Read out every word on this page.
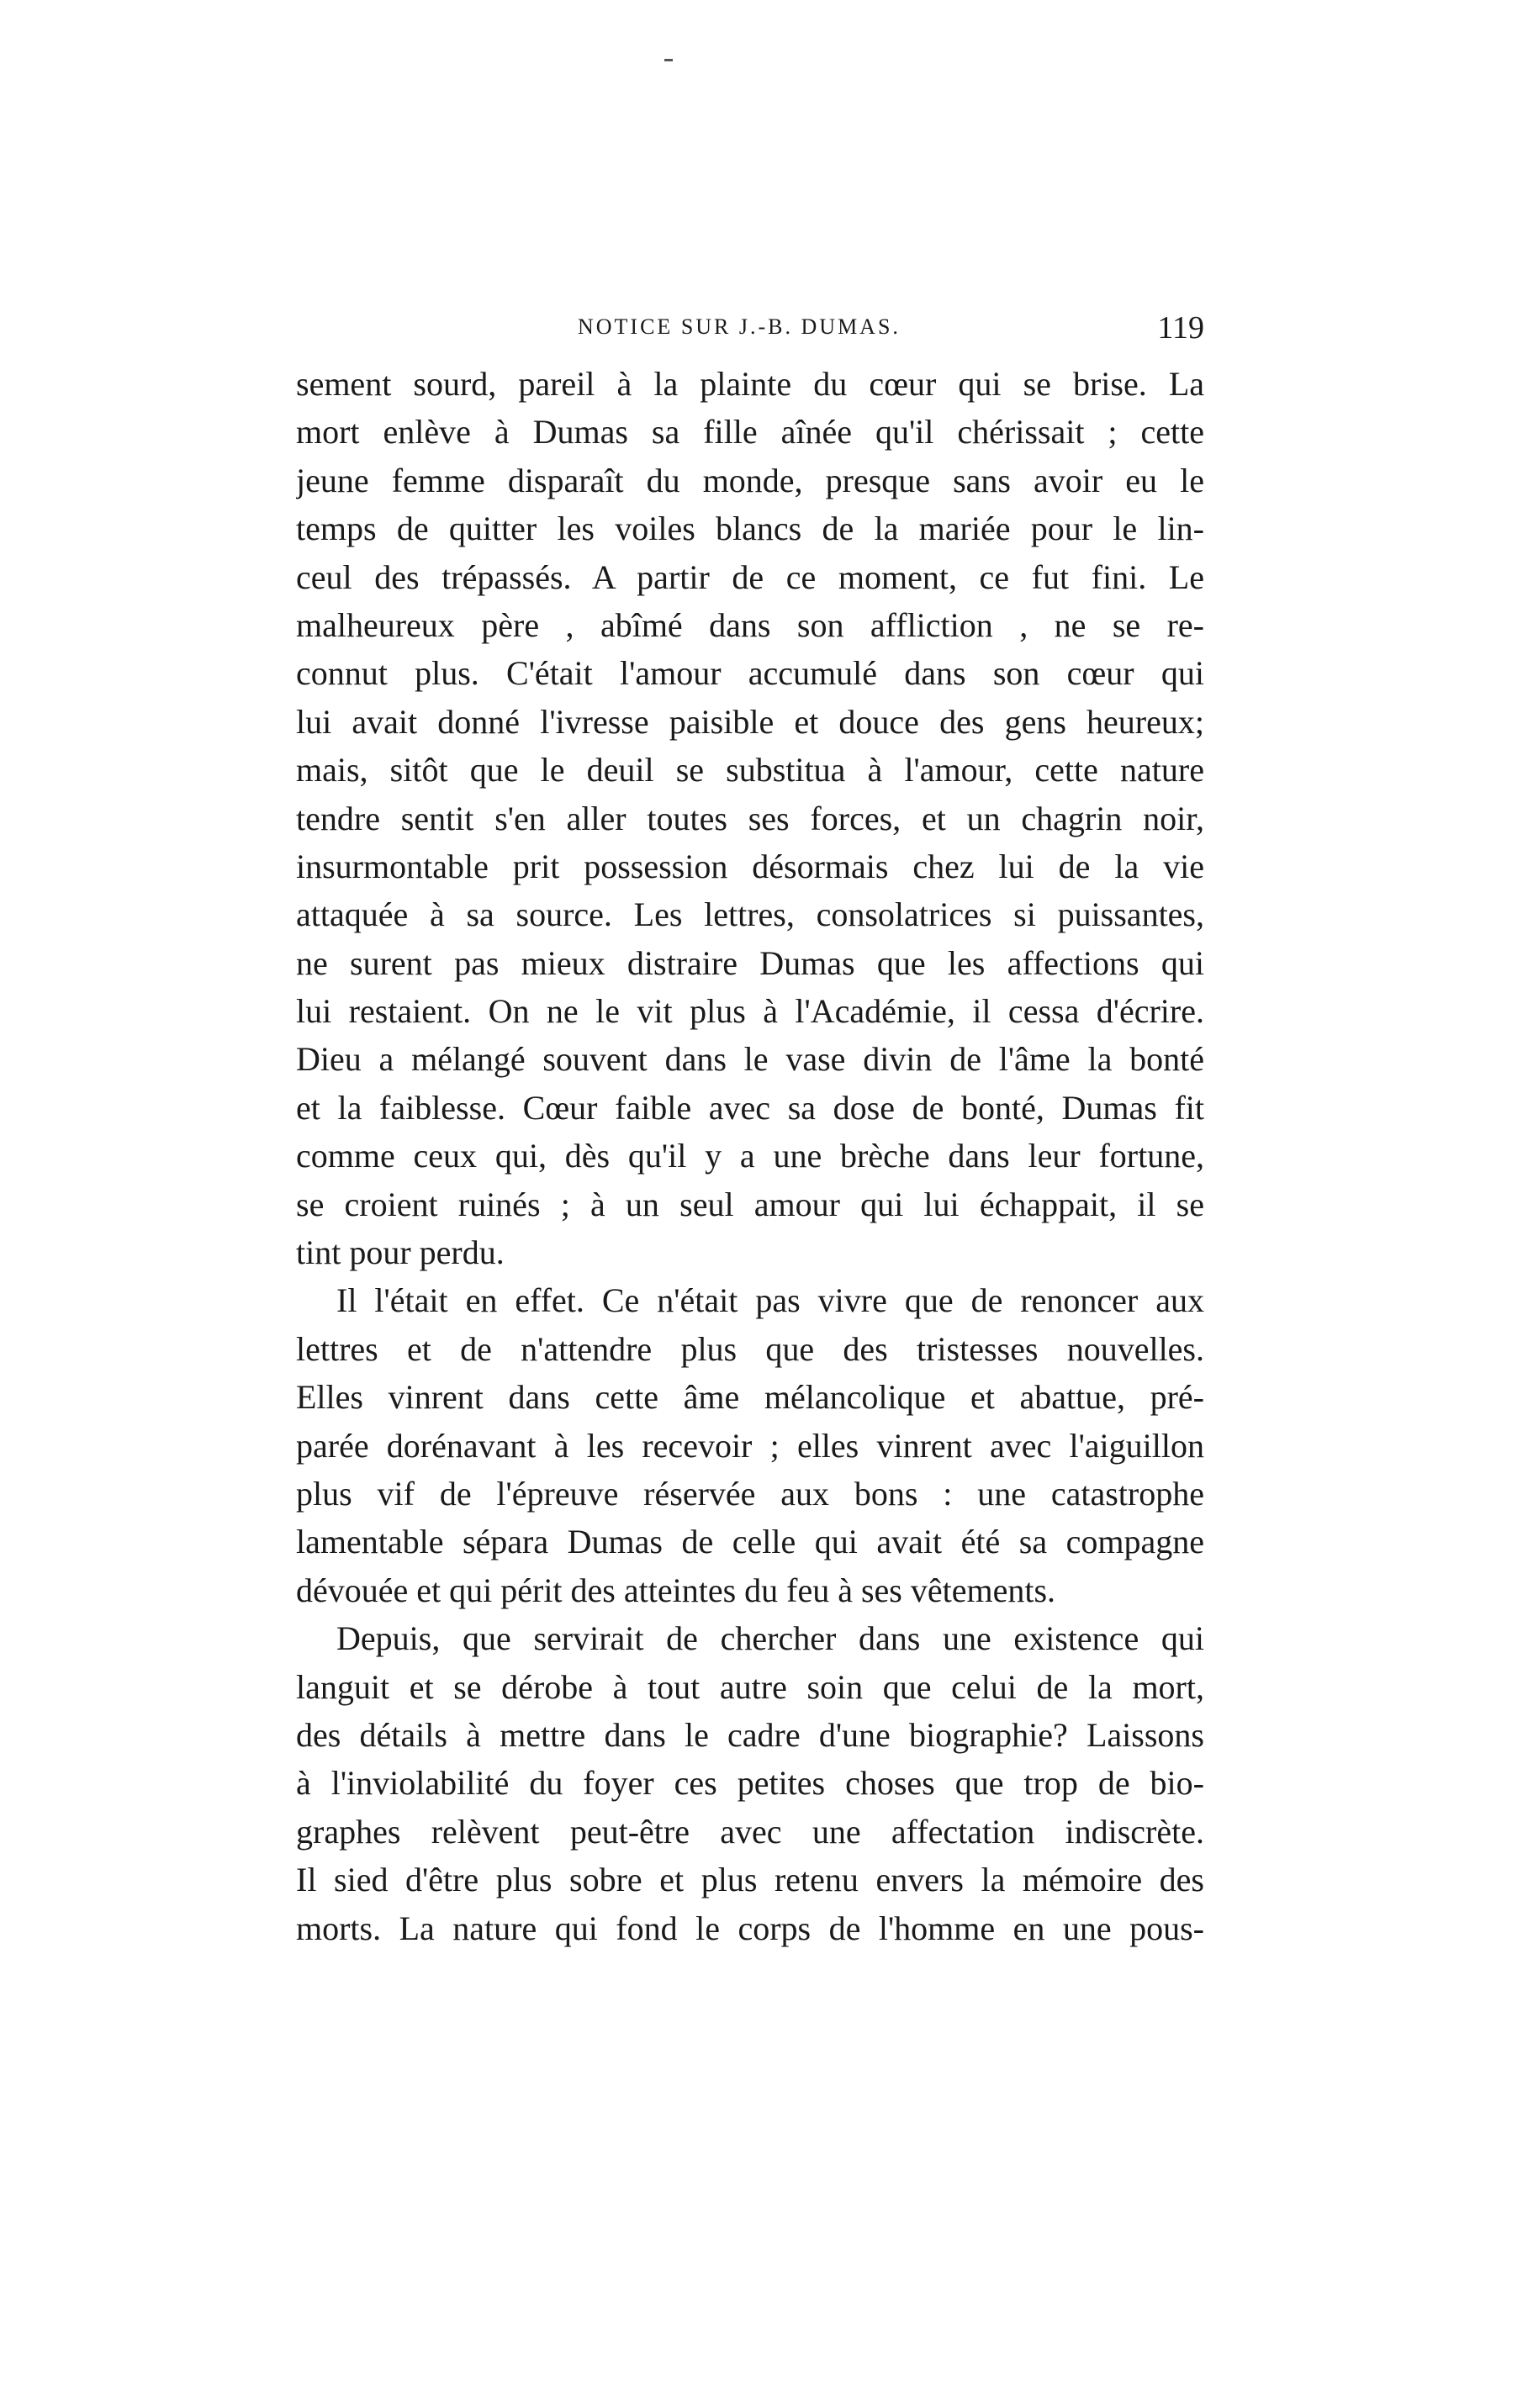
NOTICE SUR J.-B. DUMAS.	119
sement sourd, pareil à la plainte du cœur qui se brise. La
mort enlève à Dumas sa fille aînée qu'il chérissait ; cette
jeune femme disparaît du monde, presque sans avoir eu le
temps de quitter les voiles blancs de la mariée pour le lin-
ceul des trépassés. A partir de ce moment, ce fut fini. Le
malheureux père , abîmé dans son affliction , ne se re-
connut plus. C'était l'amour accumulé dans son cœur qui
lui avait donné l'ivresse paisible et douce des gens heureux;
mais, sitôt que le deuil se substitua à l'amour, cette nature
tendre sentit s'en aller toutes ses forces, et un chagrin noir,
insurmontable prit possession désormais chez lui de la vie
attaquée à sa source. Les lettres, consolatrices si puissantes,
ne surent pas mieux distraire Dumas que les affections qui
lui restaient. On ne le vit plus à l'Académie, il cessa d'écrire.
Dieu a mélangé souvent dans le vase divin de l'âme la bonté
et la faiblesse. Cœur faible avec sa dose de bonté, Dumas fit
comme ceux qui, dès qu'il y a une brèche dans leur fortune,
se croient ruinés ; à un seul amour qui lui échappait, il se
tint pour perdu.
Il l'était en effet. Ce n'était pas vivre que de renoncer aux
lettres et de n'attendre plus que des tristesses nouvelles.
Elles vinrent dans cette âme mélancolique et abattue, pré-
parée dorénavant à les recevoir ; elles vinrent avec l'aiguillon
plus vif de l'épreuve réservée aux bons : une catastrophe
lamentable sépara Dumas de celle qui avait été sa compagne
dévouée et qui périt des atteintes du feu à ses vêtements.
Depuis, que servirait de chercher dans une existence qui
languit et se dérobe à tout autre soin que celui de la mort,
des détails à mettre dans le cadre d'une biographie? Laissons
à l'inviolabilité du foyer ces petites choses que trop de bio-
graphes relèvent peut-être avec une affectation indiscrète.
Il sied d'être plus sobre et plus retenu envers la mémoire des
morts. La nature qui fond le corps de l'homme en une pous-
